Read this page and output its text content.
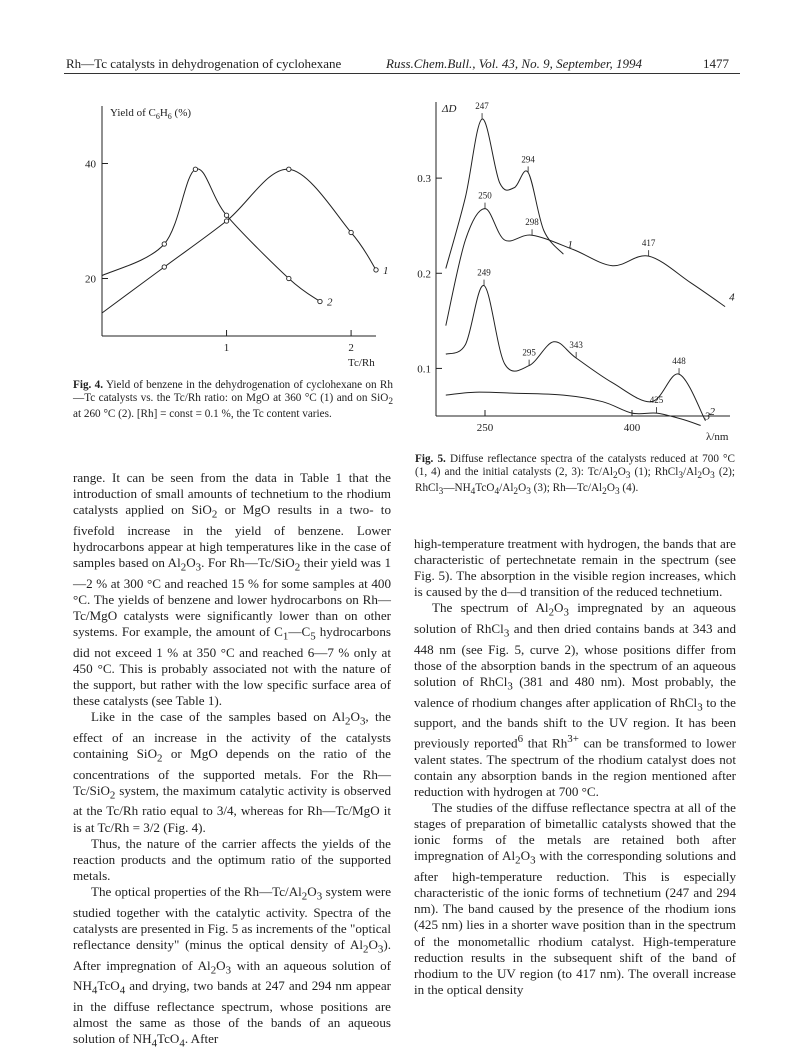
Rh—Tc catalysts in dehydrogenation of cyclohexane	Russ.Chem.Bull., Vol. 43, No. 9, September, 1994	1477
Yield of $C_6H_6$ (%)
Tc/Rh
20
40
1	2
1
2
Fig. 4. Yield of benzene in the dehydrogenation of cyclohexane on Rh—Tc catalysts vs. the Tc/Rh ratio: on MgO at 360 °C (1) and on SiO$_2$ at 260 °C (2). [Rh] = const = 0.1 %, the Tc content varies.
ΔD
λ/nm
0.1
0.2
0.3
250	400
1
4
2
3
247
294
250
298
417
249
295
343
448
425
Fig. 5. Diffuse reflectance spectra of the catalysts reduced at 700 °C (1, 4) and the initial catalysts (2, 3): $Tc/Al_2O_3$ (1); $RhCl_3/Al_2O_3$ (2); $RhCl_3—NH_4TcO_4/Al_2O_3$ (3); $Rh—Tc/Al_2O_3$ (4).

range. It can be seen from the data in Table 1 that the introduction of small amounts of technetium to the rhodium catalysts applied on SiO$_2$ or MgO results in a two- to fivefold increase in the yield of benzene. Lower hydrocarbons appear at high temperatures like in the case of samples based on $Al_2O_3$. For Rh—Tc/SiO$_2$ their yield was 1—2 % at 300 °C and reached 15 % for some samples at 400 °C. The yields of benzene and lower hydrocarbons on Rh—Tc/MgO catalysts were significantly lower than on other systems. For example, the amount of $C_1—C_5$ hydrocarbons did not exceed 1 % at 350 °C and reached 6—7 % only at 450 °C. This is probably associated not with the nature of the support, but rather with the low specific surface area of these catalysts (see Table 1).

Like in the case of the samples based on $Al_2O_3$, the effect of an increase in the activity of the catalysts containing SiO$_2$ or MgO depends on the ratio of the concentrations of the supported metals. For the Rh—Tc/SiO$_2$ system, the maximum catalytic activity is observed at the Tc/Rh ratio equal to 3/4, whereas for Rh—Tc/MgO it is at Tc/Rh = 3/2 (Fig. 4).

Thus, the nature of the carrier affects the yields of the reaction products and the optimum ratio of the supported metals.

The optical properties of the $Rh—Tc/Al_2O_3$ system were studied together with the catalytic activity. Spectra of the catalysts are presented in Fig. 5 as increments of the "optical reflectance density" (minus the optical density of $Al_2O_3$). After impregnation of $Al_2O_3$ with an aqueous solution of $NH_4TcO_4$ and drying, two bands at 247 and 294 nm appear in the diffuse reflectance spectrum, whose positions are almost the same as those of the bands of an aqueous solution of $NH_4TcO_4$. After

high-temperature treatment with hydrogen, the bands that are characteristic of pertechnetate remain in the spectrum (see Fig. 5). The absorption in the visible region increases, which is caused by the d—d transition of the reduced technetium.

The spectrum of $Al_2O_3$ impregnated by an aqueous solution of RhCl$_3$ and then dried contains bands at 343 and 448 nm (see Fig. 5, curve 2), whose positions differ from those of the absorption bands in the spectrum of an aqueous solution of RhCl$_3$ (381 and 480 nm). Most probably, the valence of rhodium changes after application of RhCl$_3$ to the support, and the bands shift to the UV region. It has been previously reported$^6$ that $Rh^{3+}$ can be transformed to lower valent states. The spectrum of the rhodium catalyst does not contain any absorption bands in the region mentioned after reduction with hydrogen at 700 °C.

The studies of the diffuse reflectance spectra at all of the stages of preparation of bimetallic catalysts showed that the ionic forms of the metals are retained both after impregnation of $Al_2O_3$ with the corresponding solutions and after high-temperature reduction. This is especially characteristic of the ionic forms of technetium (247 and 294 nm). The band caused by the presence of the rhodium ions (425 nm) lies in a shorter wave position than in the spectrum of the monometallic rhodium catalyst. High-temperature reduction results in the subsequent shift of the band of rhodium to the UV region (to 417 nm). The overall increase in the optical density
